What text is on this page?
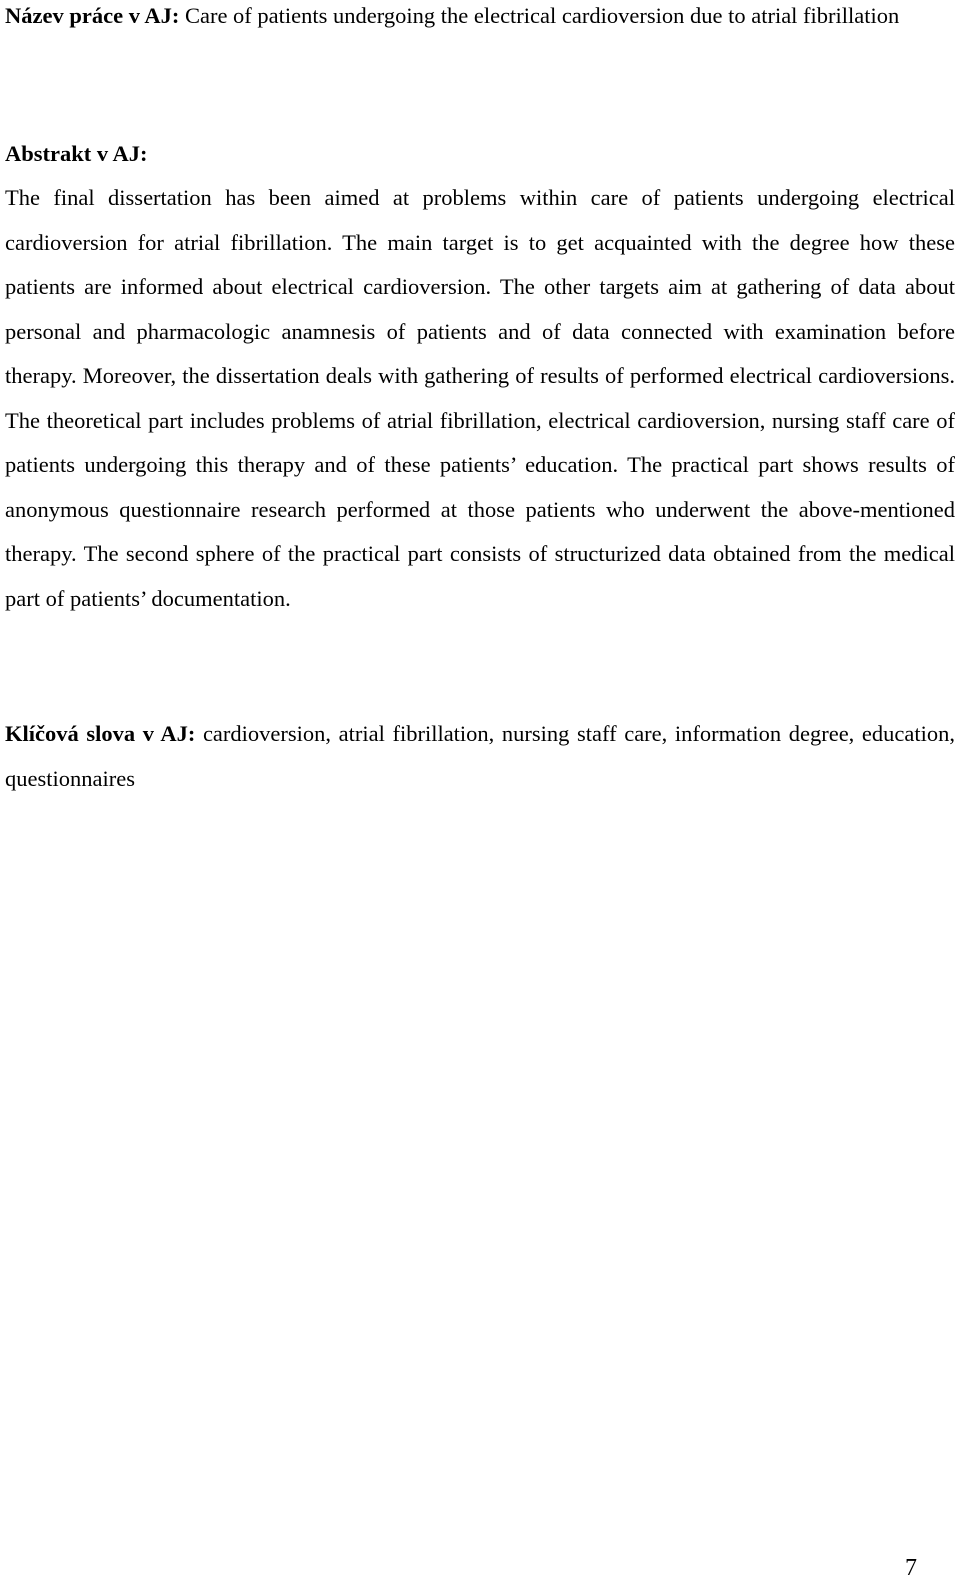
Název práce v AJ: Care of patients undergoing the electrical cardioversion due to atrial fibrillation

Abstrakt v AJ:

The final dissertation has been aimed at problems within care of patients undergoing electrical cardioversion for atrial fibrillation. The main target is to get acquainted with the degree how these patients are informed about electrical cardioversion. The other targets aim at gathering of data about personal and pharmacologic anamnesis of patients and of data connected with examination before therapy. Moreover, the dissertation deals with gathering of results of performed electrical cardioversions. The theoretical part includes problems of atrial fibrillation, electrical cardioversion, nursing staff care of patients undergoing this therapy and of these patients’ education. The practical part shows results of anonymous questionnaire research performed at those patients who underwent the above-mentioned therapy. The second sphere of the practical part consists of structurized data obtained from the medical part of patients’ documentation.

Klíčová slova v AJ: cardioversion, atrial fibrillation, nursing staff care, information degree, education, questionnaires

7
